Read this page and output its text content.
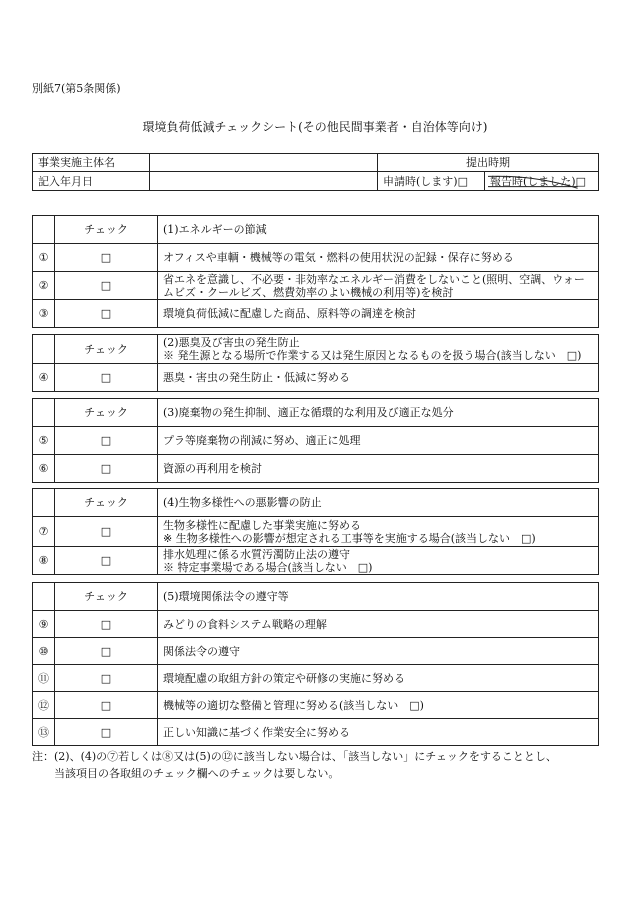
別紙7(第5条関係)
環境負荷低減チェックシート(その他民間事業者・自治体等向け)
事業実施主体名		提出時期	
記入年月日		申請時(します)□	報告時(しました)
□
	チェック	(1)エネルギーの節減
①	□	オフィスや車輌・機械等の電気・燃料の使用状況の記録・保存に努める
②	□	省エネを意識し、不必要・非効率なエネルギー消費をしないこと(照明、空調、ウォームビズ・クールビズ、燃費効率のよい機械の利用等)を検討
③	□	環境負荷低減に配慮した商品、原料等の調達を検討
	チェック	(2)悪臭及び害虫の発生防止
※ 発生源となる場所で作業する又は発生原因となるものを扱う場合(該当しない　□)
④	□	悪臭・害虫の発生防止・低減に努める
	チェック	(3)廃棄物の発生抑制、適正な循環的な利用及び適正な処分
⑤	□	プラ等廃棄物の削減に努め、適正に処理
⑥	□	資源の再利用を検討
	チェック	(4)生物多様性への悪影響の防止
⑦	□	生物多様性に配慮した事業実施に努める
※ 生物多様性への影響が想定される工事等を実施する場合(該当しない　□)
⑧	□	排水処理に係る水質汚濁防止法の遵守
※ 特定事業場である場合(該当しない　□)
	チェック	(5)環境関係法令の遵守等
⑨	□	みどりの食料システム戦略の理解
⑩	□	関係法令の遵守
⑪	□	環境配慮の取組方針の策定や研修の実施に努める
⑫	□	機械等の適切な整備と管理に努める(該当しない　□)
⑬	□	正しい知識に基づく作業安全に努める
注：(2)、(4)の⑦若しくは⑧又は(5)の⑫に該当しない場合は、「該当しない」にチェックをすることとし、
当該項目の各取組のチェック欄へのチェックは要しない。
